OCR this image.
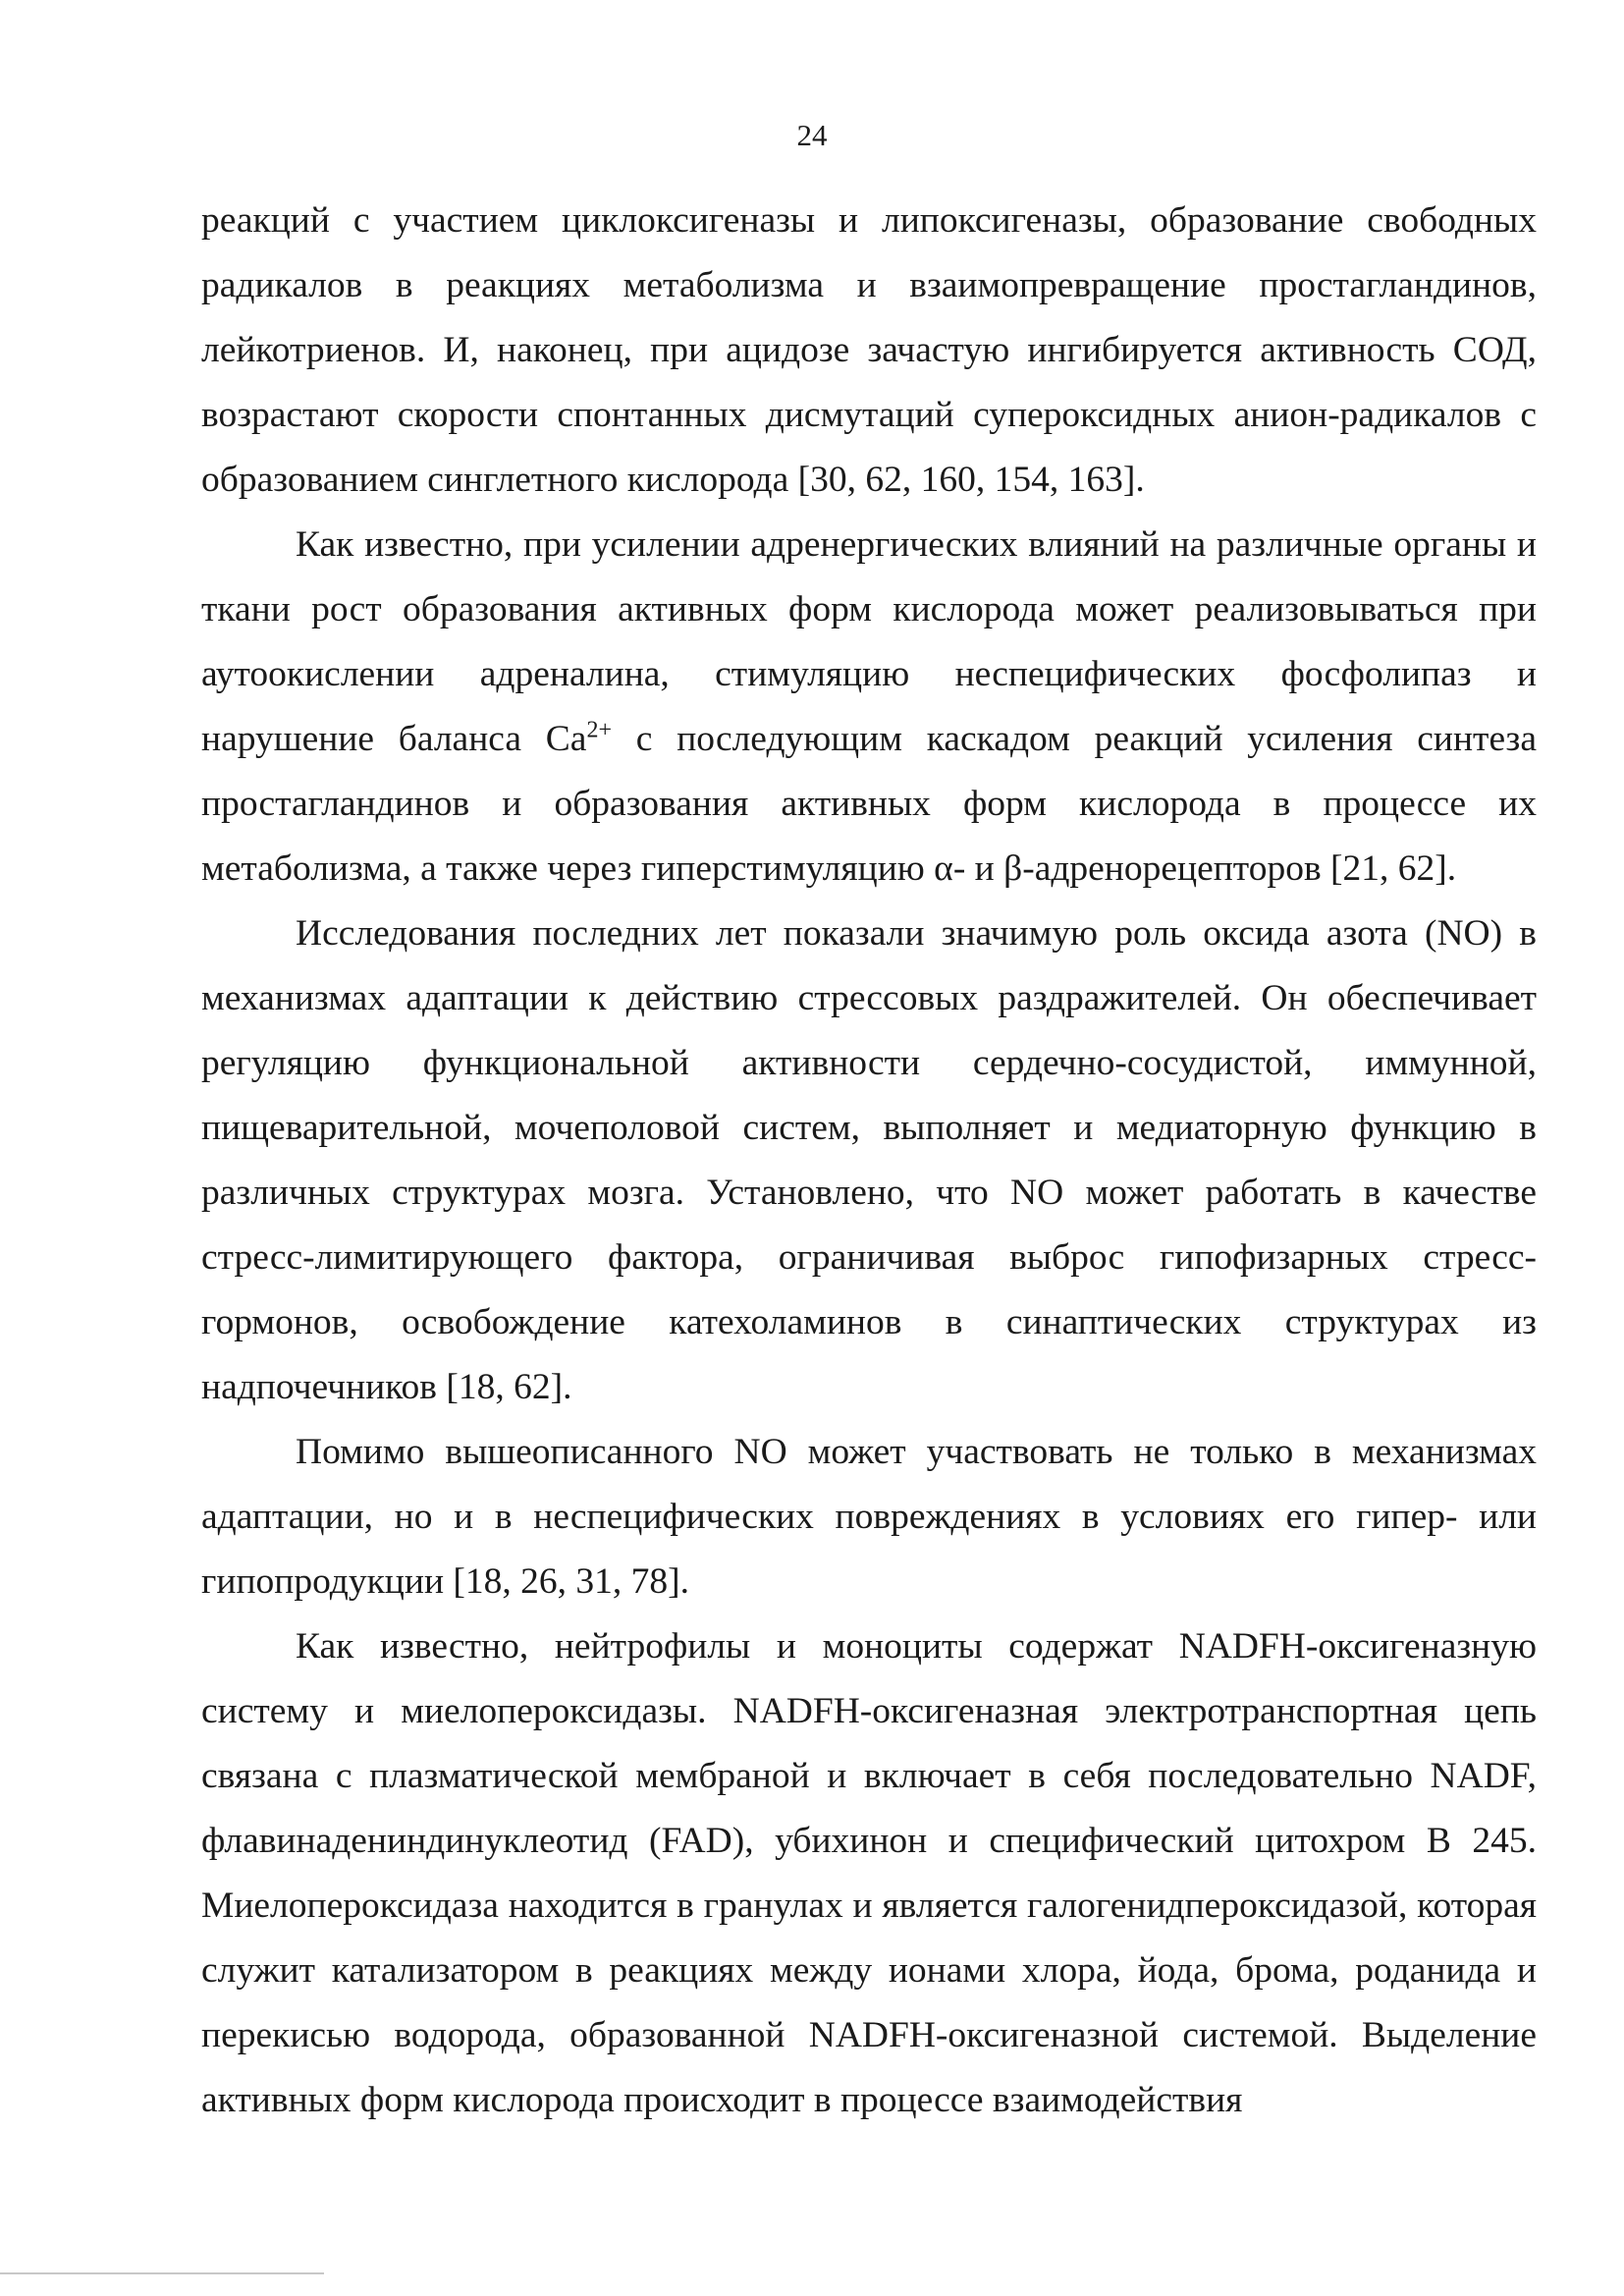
24

реакций с участием циклоксигеназы и липоксигеназы, образование свободных радикалов в реакциях метаболизма и взаимопревращение простагландинов, лейкотриенов. И, наконец, при ацидозе зачастую ингибируется активность СОД, возрастают скорости спонтанных дисмутаций супероксидных анион-радикалов с образованием синглетного кислорода [30, 62, 160, 154, 163].

Как известно, при усилении адренергических влияний на различные органы и ткани рост образования активных форм кислорода может реализовываться при аутоокислении адреналина, стимуляцию неспецифических фосфолипаз и нарушение баланса $Ca^{2+}$ с последующим каскадом реакций усиления синтеза простагландинов и образования активных форм кислорода в процессе их метаболизма, а также через гиперстимуляцию α- и β-адренорецепторов [21, 62].

Исследования последних лет показали значимую роль оксида азота (NO) в механизмах адаптации к действию стрессовых раздражителей. Он обеспечивает регуляцию функциональной активности сердечно-сосудистой, иммунной, пищеварительной, мочеполовой систем, выполняет и медиаторную функцию в различных структурах мозга. Установлено, что NO может работать в качестве стресс-лимитирующего фактора, ограничивая выброс гипофизарных стресс-гормонов, освобождение катехоламинов в синаптических структурах из надпочечников [18, 62].

Помимо вышеописанного NO может участвовать не только в механизмах адаптации, но и в неспецифических повреждениях в условиях его гипер- или гипопродукции [18, 26, 31, 78].

Как известно, нейтрофилы и моноциты содержат NADFH-оксигеназную систему и миелопероксидазы. NADFH-оксигеназная электротранспортная цепь связана с плазматической мембраной и включает в себя последовательно NADF, флавинадениндинуклеотид (FAD), убихинон и специфический цитохром B 245. Миелопероксидаза находится в гранулах и является галогенидпероксидазой, которая служит катализатором в реакциях между ионами хлора, йода, брома, роданида и перекисью водорода, образованной NADFH-оксигеназной системой. Выделение активных форм кислорода происходит в процессе взаимодействия
